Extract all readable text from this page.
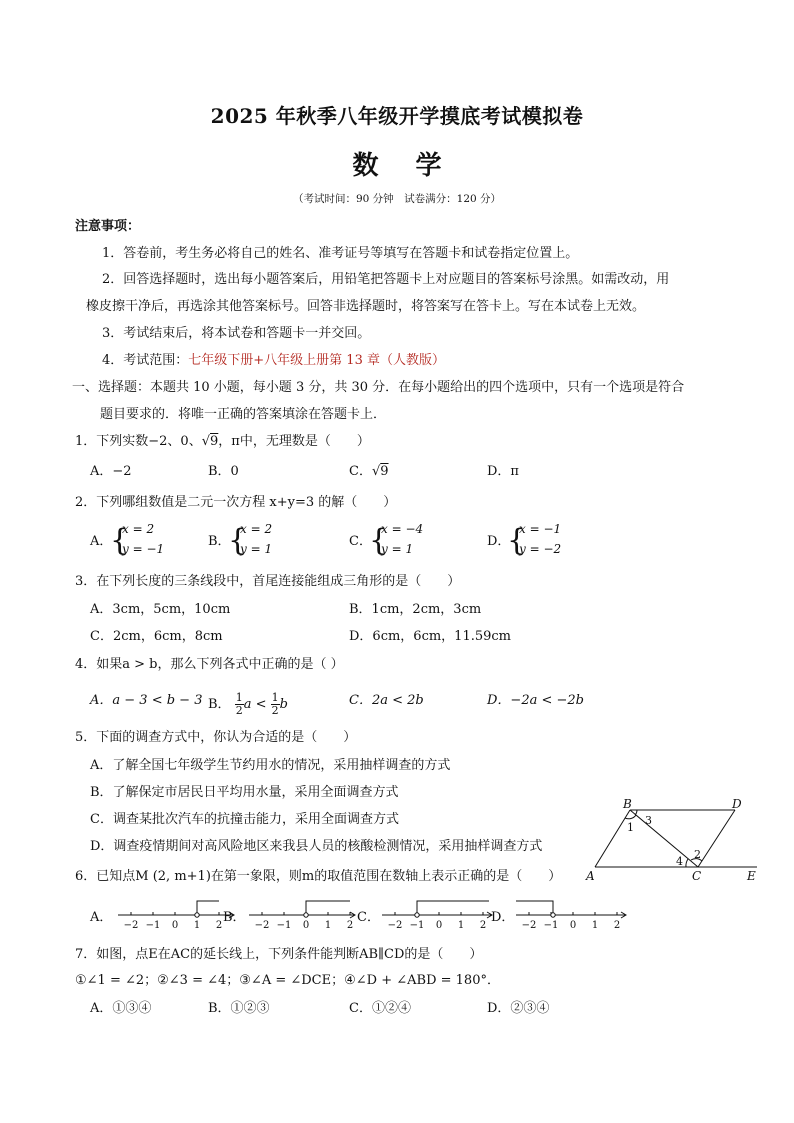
2025 年秋季八年级开学摸底考试模拟卷
数 学
（考试时间：90 分钟　试卷满分：120 分）
注意事项：
1．答卷前，考生务必将自己的姓名、准考证号等填写在答题卡和试卷指定位置上。
2．回答选择题时，选出每小题答案后，用铅笔把答题卡上对应题目的答案标号涂黑。如需改动，用
橡皮擦干净后，再选涂其他答案标号。回答非选择题时，将答案写在答卡上。写在本试卷上无效。
3．考试结束后，将本试卷和答题卡一并交回。
4．考试范围：七年级下册+八年级上册第 13 章（人教版）
一、选择题：本题共 10 小题，每小题 3 分，共 30 分．在每小题给出的四个选项中，只有一个选项是符合
题目要求的．将唯一正确的答案填涂在答题卡上．
1．下列实数−2、0、√9，π中，无理数是（　　）
A．−2	B．0	C．√9	D．π
2．下列哪组数值是二元一次方程 x+y=3 的解（　　）
A．
{
x = 2
y = −1	B．
{
x = 2
y = 1	C．
{
x = −4
y = 1	D．
{
x = −1
y = −2
3．在下列长度的三条线段中，首尾连接能组成三角形的是（　　）
A．3cm，5cm，10cm	B．1cm，2cm，3cm
C．2cm，6cm，8cm	D．6cm，6cm，11.59cm
4．如果a > b，那么下列各式中正确的是（ ）
A．a − 3 < b − 3 B． $\frac{1}{2}$ $a < \frac{1}{2}$ b	C．2a < 2b	D．−2a < −2b
5．下面的调查方式中，你认为合适的是（　　）
A．了解全国七年级学生节约用水的情况，采用抽样调查的方式
B．了解保定市居民日平均用水量，采用全面调查方式
C．调查某批次汽车的抗撞击能力，采用全面调查方式
D．调查疫情期间对高风险地区来我县人员的核酸检测情况，采用抽样调查方式
B	D
A	C	E
1
2
3
4
6．已知点M (2, m+1)在第一象限，则m的取值范围在数轴上表示正确的是（　　）
A．	B．	C．	D．
−2 −1 0 1 2	−2 −1 0 1 2	−2 −1 0 1 2	−2 −1 0 1 2
7．如图，点E在AC的延长线上，下列条件能判断AB∥CD的是（　　）
①∠1 = ∠2；②∠3 = ∠4；③∠A = ∠DCE；④∠D + ∠ABD = 180°．
A．①③④	B．①②③	C．①②④	D．②③④
